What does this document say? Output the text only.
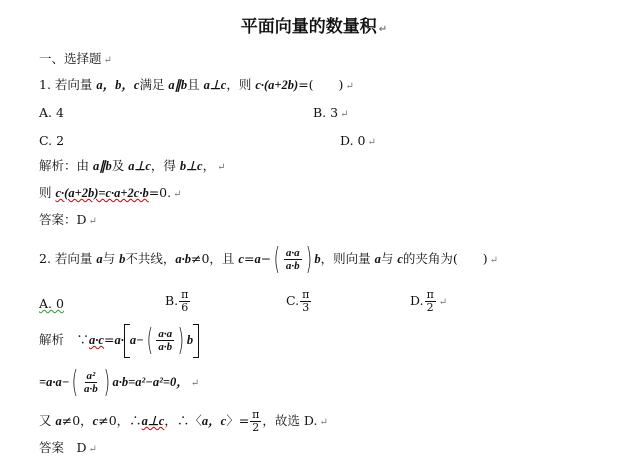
平面向量的数量积 ↵
一、选择题 ↵
1. 若向量 a，b，c满足 a∥b且 a⊥c，则 c·(a+2b)=(　　) ↵
A. 4	B. 3 ↵
C. 2	D. 0 ↵
解析：由 a∥b及 a⊥c，得 b⊥c， ↵
则 c·(a+2b)=c·a+2c·b=0. ↵
答案：D ↵
2. 若向量 a与 b不共线，a·b≠0，且 $c=a-( \frac{a\cdot a}{a\cdot b}$ ) b，则向量 a与 c的夹角为(　　) ↵
A. 0	B. $\frac{\pi}{6}$	C. $\frac{\pi}{3}$	D. $\frac{\pi}{2}$ ↵
解析　∵a·c=a· $a-( \frac{a\cdot a}{a\cdot b}$ ) b
$=a\cdot a-( \frac{\text{a²}}{a\cdot b}$ ) a·b=a²−a²=0， ↵
又 a≠0，c≠0，∴a⊥c，∴〈a，c〉= $\frac{\pi}{2}$ ，故选 D. ↵
答案　D ↵
